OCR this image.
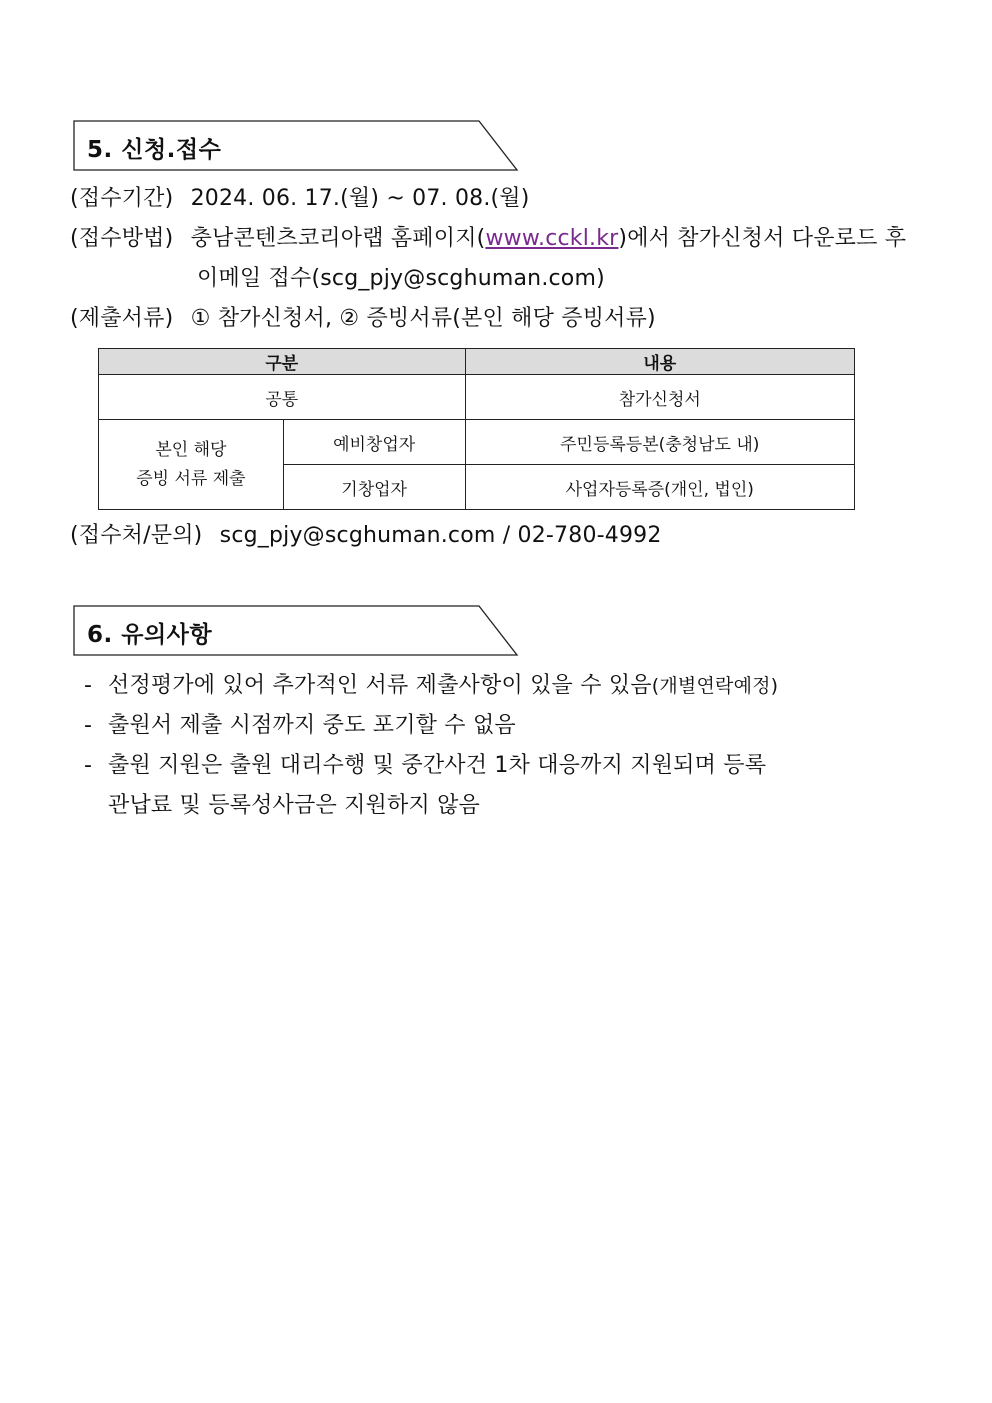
5. 신청.접수
(접수기간) 2024. 06. 17.(월) ~ 07. 08.(월)
(접수방법) 충남콘텐츠코리아랩 홈페이지(www.cckl.kr)에서 참가신청서 다운로드 후
이메일 접수(scg_pjy@scghuman.com)
(제출서류) ① 참가신청서, ② 증빙서류(본인 해당 증빙서류)
구분		내용
공통		참가신청서

본인 해당
증빙 서류 제출	예비창업자	주민등록등본(충청남도 내)
	기창업자	사업자등록증(개인, 법인)
(접수처/문의) scg_pjy@scghuman.com / 02-780-4992
6. 유의사항
- 선정평가에 있어 추가적인 서류 제출사항이 있을 수 있음(개별연락예정)
- 출원서 제출 시점까지 중도 포기할 수 없음
- 출원 지원은 출원 대리수행 및 중간사건 1차 대응까지 지원되며 등록
관납료 및 등록성사금은 지원하지 않음
